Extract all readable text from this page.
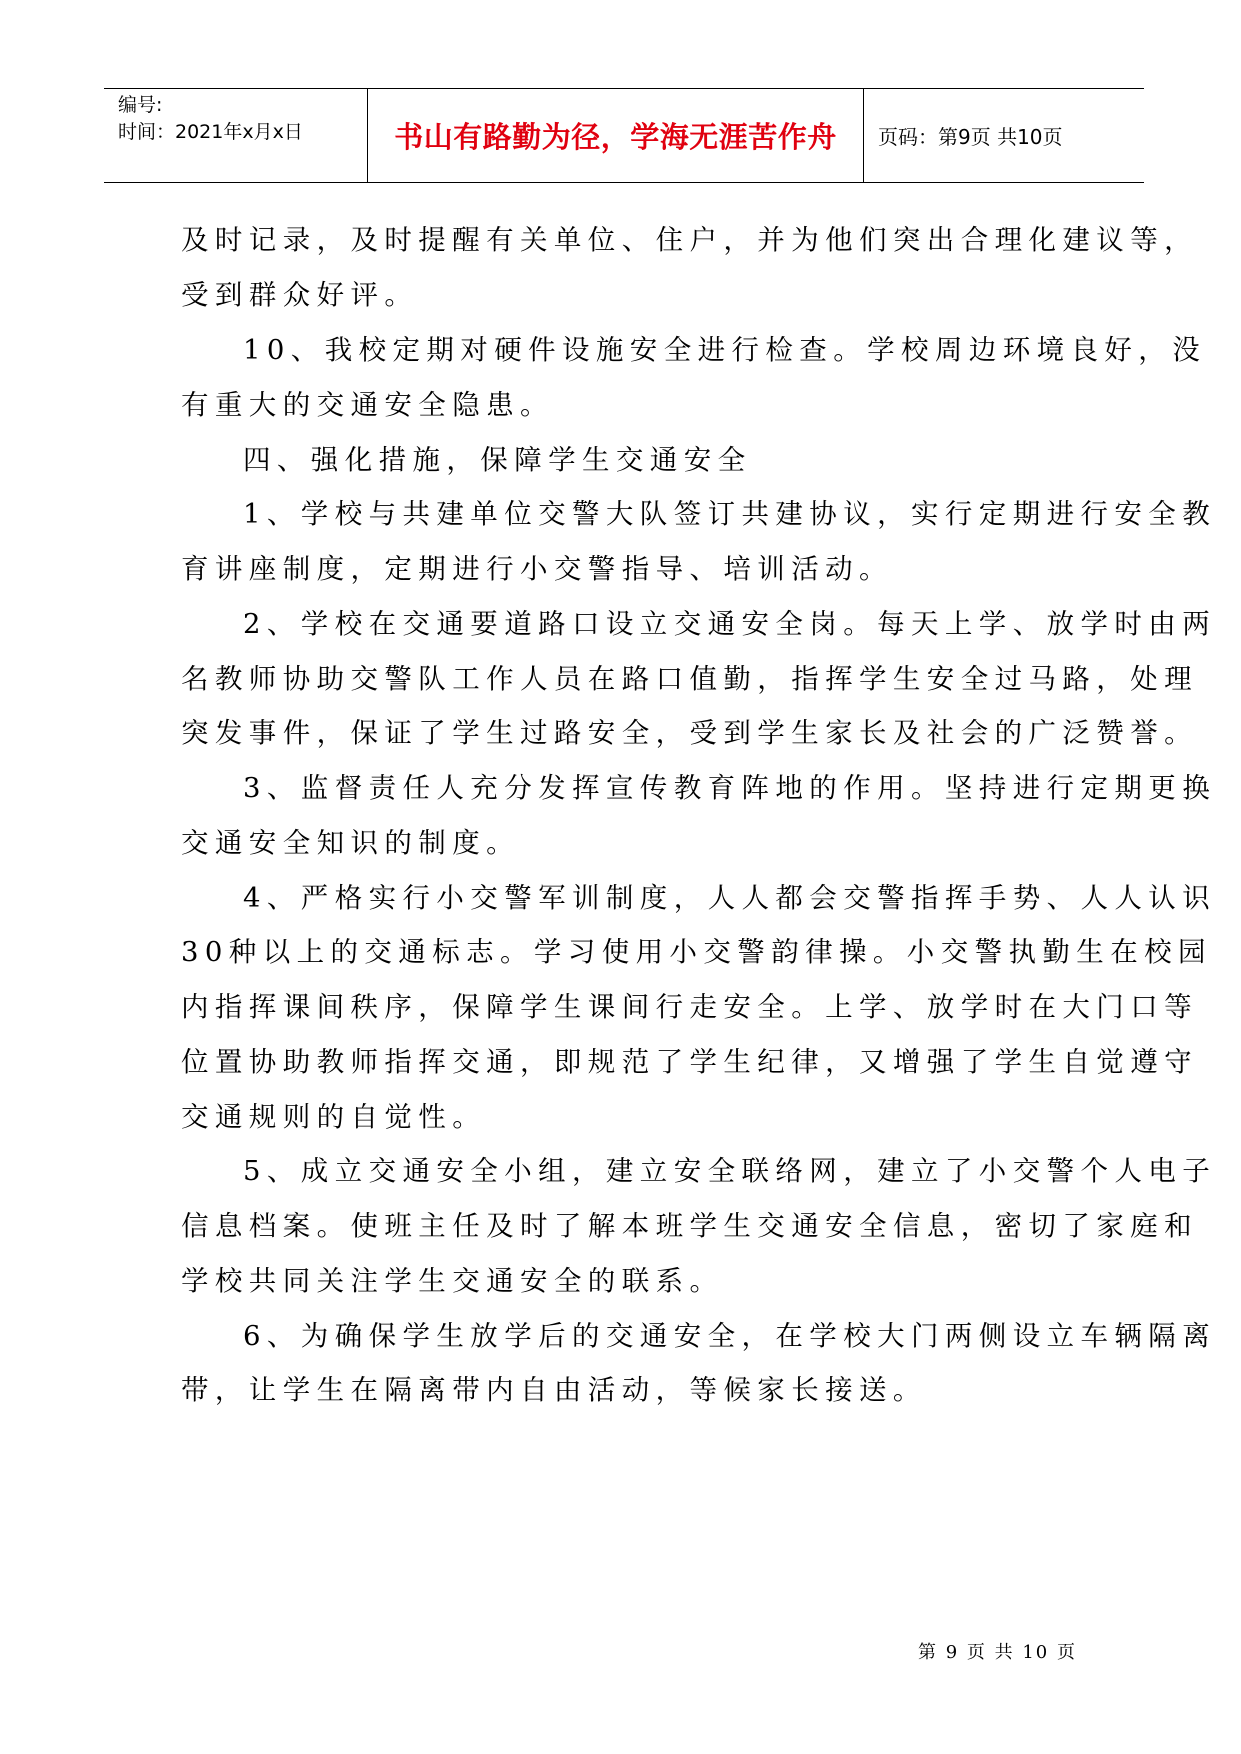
编号:
时间：2021年x月x日	书山有路勤为径，学海无涯苦作舟 页码：第9页 共10页
及时记录，及时提醒有关单位、住户，并为他们突出合理化建议等，
受到群众好评。
10、我校定期对硬件设施安全进行检查。学校周边环境良好，没
有重大的交通安全隐患。
四、强化措施，保障学生交通安全
1、学校与共建单位交警大队签订共建协议，实行定期进行安全教
育讲座制度，定期进行小交警指导、培训活动。
2、学校在交通要道路口设立交通安全岗。每天上学、放学时由两
名教师协助交警队工作人员在路口值勤，指挥学生安全过马路，处理
突发事件，保证了学生过路安全，受到学生家长及社会的广泛赞誉。
3、监督责任人充分发挥宣传教育阵地的作用。坚持进行定期更换
交通安全知识的制度。
4、严格实行小交警军训制度，人人都会交警指挥手势、人人认识
30种以上的交通标志。学习使用小交警韵律操。小交警执勤生在校园
内指挥课间秩序，保障学生课间行走安全。上学、放学时在大门口等
位置协助教师指挥交通，即规范了学生纪律，又增强了学生自觉遵守
交通规则的自觉性。
5、成立交通安全小组，建立安全联络网，建立了小交警个人电子
信息档案。使班主任及时了解本班学生交通安全信息，密切了家庭和
学校共同关注学生交通安全的联系。
6、为确保学生放学后的交通安全，在学校大门两侧设立车辆隔离
带，让学生在隔离带内自由活动，等候家长接送。
第 9 页 共 10 页
